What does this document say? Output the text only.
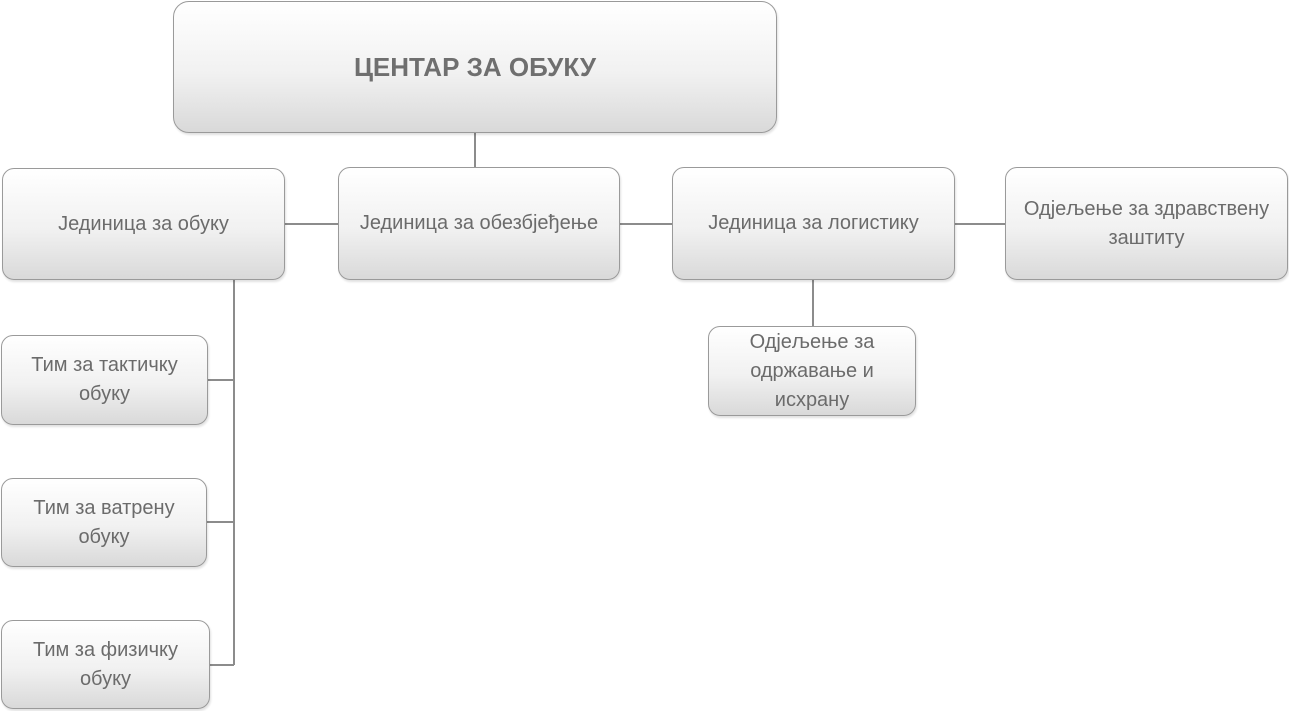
ЦЕНТАР ЗА ОБУКУ
Јединица за обуку	Јединица за обезбјеђење	Јединица за логистику
Одјељење за здравствену заштиту
Одјељење за одржавање и исхрану
Тим за тактичку обуку
Тим за ватрену обуку
Тим за физичку обуку
